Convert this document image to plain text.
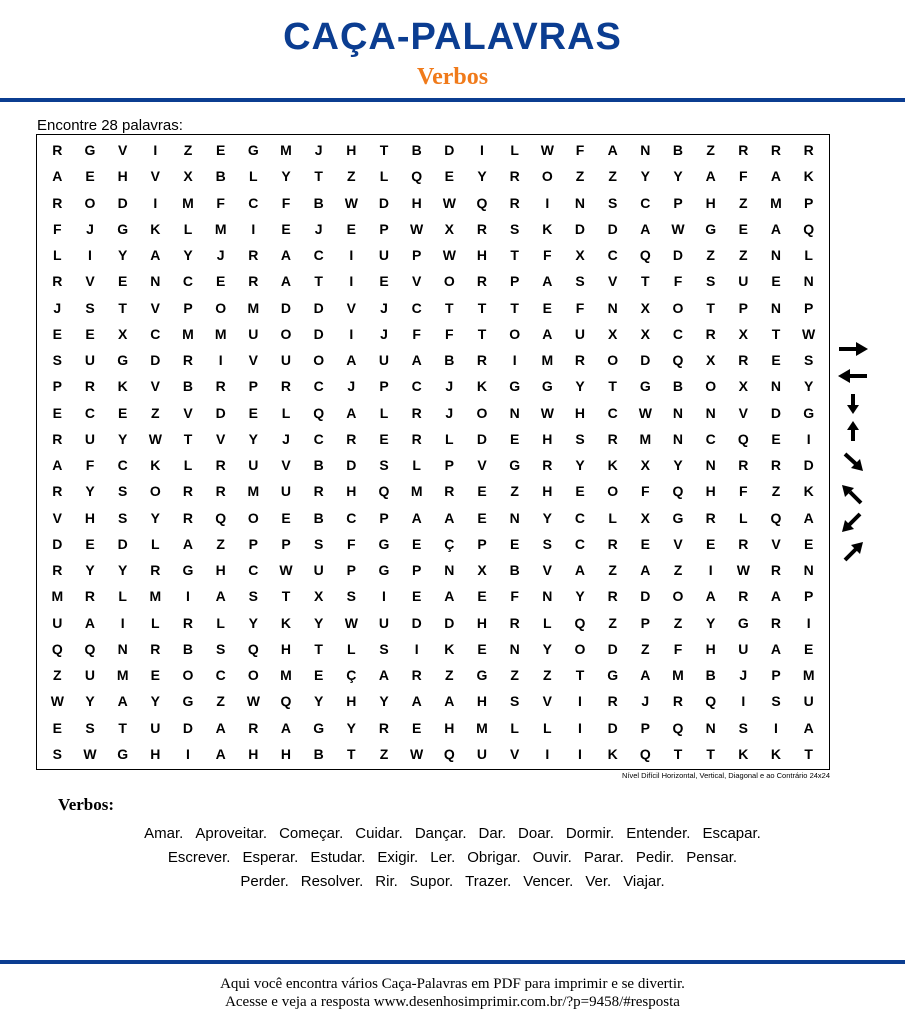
CAÇA-PALAVRAS
Verbos
Encontre 28 palavras:
R	G	V	I	Z	E	G	M	J	H	T	B	D	I	L	W	F	A	N	B	Z	R	R	R
A	E	H	V	X	B	L	Y	T	Z	L	Q	E	Y	R	O	Z	Z	Y	Y	A	F	A	K
R	O	D	I	M	F	C	F	B	W	D	H	W	Q	R	I	N	S	C	P	H	Z	M	P
F	J	G	K	L	M	I	E	J	E	P	W	X	R	S	K	D	D	A	W	G	E	A	Q
L	I	Y	A	Y	J	R	A	C	I	U	P	W	H	T	F	X	C	Q	D	Z	Z	N	L
R	V	E	N	C	E	R	A	T	I	E	V	O	R	P	A	S	V	T	F	S	U	E	N
J	S	T	V	P	O	M	D	D	V	J	C	T	T	T	E	F	N	X	O	T	P	N	P
E	E	X	C	M	M	U	O	D	I	J	F	F	T	O	A	U	X	X	C	R	X	T	W
S	U	G	D	R	I	V	U	O	A	U	A	B	R	I	M	R	O	D	Q	X	R	E	S
P	R	K	V	B	R	P	R	C	J	P	C	J	K	G	G	Y	T	G	B	O	X	N	Y
E	C	E	Z	V	D	E	L	Q	A	L	R	J	O	N	W	H	C	W	N	N	V	D	G
R	U	Y	W	T	V	Y	J	C	R	E	R	L	D	E	H	S	R	M	N	C	Q	E	I
A	F	C	K	L	R	U	V	B	D	S	L	P	V	G	R	Y	K	X	Y	N	R	R	D
R	Y	S	O	R	R	M	U	R	H	Q	M	R	E	Z	H	E	O	F	Q	H	F	Z	K
V	H	S	Y	R	Q	O	E	B	C	P	A	A	E	N	Y	C	L	X	G	R	L	Q	A
D	E	D	L	A	Z	P	P	S	F	G	E	Ç	P	E	S	C	R	E	V	E	R	V	E
R	Y	Y	R	G	H	C	W	U	P	G	P	N	X	B	V	A	Z	A	Z	I	W	R	N
M	R	L	M	I	A	S	T	X	S	I	E	A	E	F	N	Y	R	D	O	A	R	A	P
U	A	I	L	R	L	Y	K	Y	W	U	D	D	H	R	L	Q	Z	P	Z	Y	G	R	I
Q	Q	N	R	B	S	Q	H	T	L	S	I	K	E	N	Y	O	D	Z	F	H	U	A	E
Z	U	M	E	O	C	O	M	E	Ç	A	R	Z	G	Z	Z	T	G	A	M	B	J	P	M
W	Y	A	Y	G	Z	W	Q	Y	H	Y	A	A	H	S	V	I	R	J	R	Q	I	S	U
E	S	T	U	D	A	R	A	G	Y	R	E	H	M	L	L	I	D	P	Q	N	S	I	A
S	W	G	H	I	A	H	H	B	T	Z	W	Q	U	V	I	I	K	Q	T	T	K	K	T
Nível Difícil Horizontal, Vertical, Diagonal e ao Contrário 24x24
Verbos:
Amar. Aproveitar. Começar. Cuidar. Dançar. Dar. Doar. Dormir. Entender. Escapar.
Escrever. Esperar. Estudar. Exigir. Ler. Obrigar. Ouvir. Parar. Pedir. Pensar.
Perder. Resolver. Rir. Supor. Trazer. Vencer. Ver. Viajar.
Aqui você encontra vários Caça-Palavras em PDF para imprimir e se divertir.
Acesse e veja a resposta www.desenhosimprimir.com.br/?p=9458/#resposta
